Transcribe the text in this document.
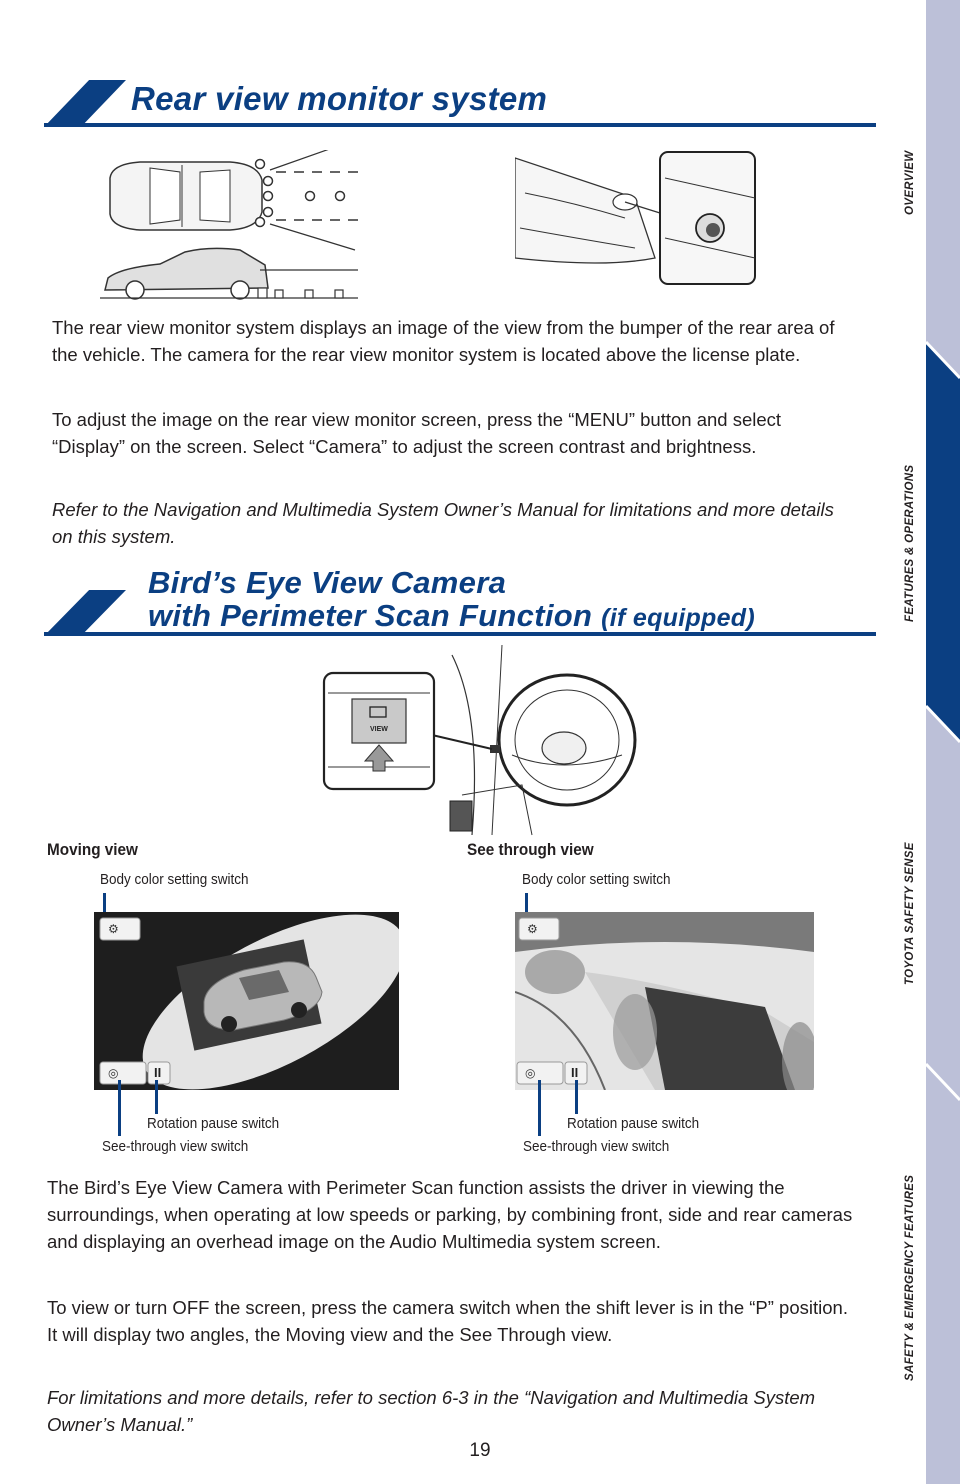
Rear view monitor system

The rear view monitor system displays an image of the view from the bumper of the rear area of the vehicle. The camera for the rear view monitor system is located above the license plate.

To adjust the image on the rear view monitor screen, press the “MENU” button and select “Display” on the screen. Select “Camera” to adjust the screen contrast and brightness.

Refer to the Navigation and Multimedia System Owner’s Manual for limitations and more details on this system.

Bird’s Eye View Camera
with Perimeter Scan Function (if equipped)
VIEW
Moving view	See through view
Body color setting switch
⚙
◎	II
Rotation pause switch
See-through view switch
Body color setting switch
⚙
◎	II
Rotation pause switch
See-through view switch

The Bird’s Eye View Camera with Perimeter Scan function assists the driver in viewing the surroundings, when operating at low speeds or parking, by combining front, side and rear cameras and displaying an overhead image on the Audio Multimedia system screen.

To view or turn OFF the screen, press the camera switch when the shift lever is in the “P” position. It will display two angles, the Moving view and the See Through view.

For limitations and more details, refer to section 6-3 in the “Navigation and Multimedia System Owner’s Manual.”

19
OVERVIEW
FEATURES & OPERATIONS
TOYOTA SAFETY SENSE
SAFETY & EMERGENCY FEATURES
